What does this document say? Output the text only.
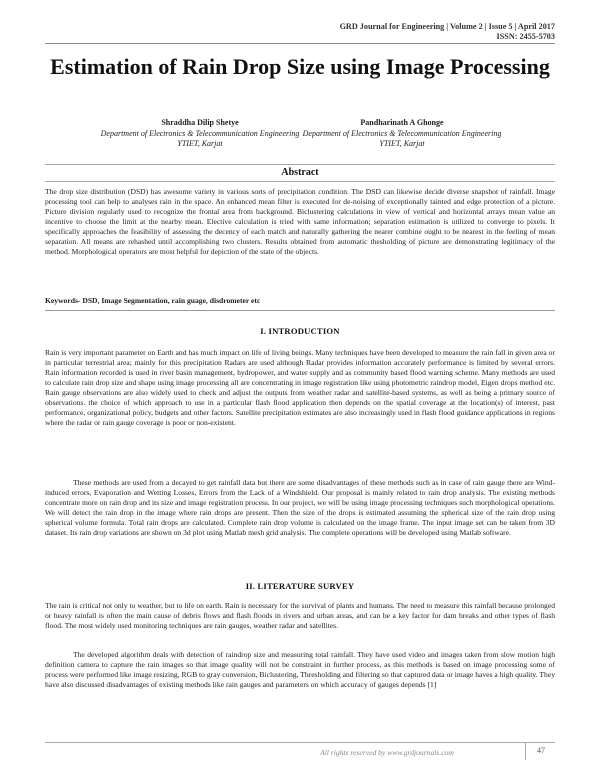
GRD Journal for Engineering | Volume 2 | Issue 5 | April 2017
ISSN: 2455-5703
Estimation of Rain Drop Size using Image Processing
Shraddha Dilip Shetye
Department of Electronics & Telecommunication Engineering
YTIET, Karjat
Pandharinath A Ghonge
Department of Electronics & Telecommunication Engineering
YTIET, Karjat
Abstract
The drop size distribution (DSD) has awesome variety in various sorts of precipitation condition. The DSD can likewise decide diverse snapshot of rainfall. Image processing tool can help to analyses rain in the space. An enhanced mean filter is executed for de-noising of exceptionally tainted and edge protection of a picture. Picture division regularly used to recognize the frontal area from background. Biclustering calculations in view of vertical and horizontal arrays mean value an incentive to choose the limit at the nearby mean. Elective calculation is tried with same information; separation estimation is utilized to converge to pixels. It specifically approaches the feasibility of assessing the decency of each match and naturally gathering the nearer combine ought to be nearest in the feeling of mean separation. All means are rehashed until accomplishing two clusters. Results obtained from automatic thesholding of picture are demonstrating legitimacy of the method. Morphological operators are most helpful for depiction of the state of the objects.
Keywords- DSD, Image Segmentation, rain guage, disdrometer etc
I. INTRODUCTION
Rain is very important parameter on Earth and has much impact on life of living beings. Many techniques have been developed to measure the rain fall in given area or in particular terrestrial area; mainly for this precipitation Radars are used although Radar provides information accurately performance is limited by several errors. Rain information recorded is used in river basin management, hydropower, and water supply and as community based flood warning scheme. Many methods are used to calculate rain drop size and shape using image processing all are concentrating in image registration like using photometric raindrop model, Eigen drops method etc. Rain gauge observations are also widely used to check and adjust the outputs from weather radar and satellite-based systems, as well as being a primary source of observations. the choice of which approach to use in a particular flash flood application then depends on the spatial coverage at the location(s) of interest, past performance, organizational policy, budgets and other factors. Satellite precipitation estimates are also increasingly used in flash flood guidance applications in regions where the radar or rain gauge coverage is poor or non-existent.
These methods are used from a decayed to get rainfall data but there are some disadvantages of these methods such as in case of rain gauge there are Wind-induced errors, Evaporation and Wetting Losses, Errors from the Lack of a Windshield. Our proposal is mainly related to rain drop analysis. The existing methods concentrate more on rain drop and its size and image registration process. In our project, we will be using image processing techniques such morphological operations. We will detect the rain drop in the image where rain drops are present. Then the size of the drops is estimated assuming the spherical size of the rain drop using spherical volume formula. Total rain drops are calculated. Complete rain drop volume is calculated on the image frame. The input image set can be taken from 3D dataset. Its rain drop variations are shown on 3d plot using Matlab mesh grid analysis. The complete operations will be developed using Matlab software.
II. LITERATURE SURVEY
The rain is critical not only to weather, but to life on earth. Rain is necessary for the survival of plants and humans. The need to measure this rainfall because prolonged or heavy rainfall is often the main cause of debris flows and flash floods in rivers and urban areas, and can be a key factor for dam breaks and other types of flash flood. The most widely used monitoring techniques are rain gauges, weather radar and satellites.
The developed algorithm deals with detection of raindrop size and measuring total rainfall. They have used video and images taken from slow motion high definition camera to capture the rain images so that image quality will not be constraint in further process, as this methods is based on image processing some of process were performed like image resizing, RGB to gray conversion, Biclustering, Thresholding and filtering so that captured data or image haves a high quality. They have also discussed disadvantages of existing methods like rain gauges and parameters on which accuracy of gauges depends [1]
All rights reserved by www.grdjournals.com	47
